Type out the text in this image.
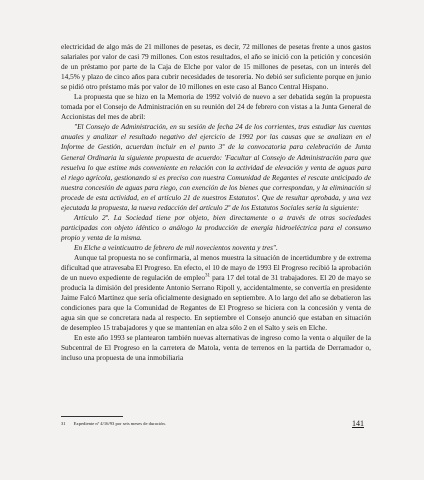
electricidad de algo más de 21 millones de pesetas, es decir, 72 millones de pesetas frente a unos gastos salariales por valor de casi 79 millones. Con estos resultados, el año se inició con la petición y concesión de un préstamo por parte de la Caja de Elche por valor de 15 millones de pesetas, con un interés del 14,5% y plazo de cinco años para cubrir necesidades de tesorería. No debió ser suficiente porque en junio se pidió otro préstamo más por valor de 10 millones en este caso al Banco Central Hispano.

La propuesta que se hizo en la Memoria de 1992 volvió de nuevo a ser debatida según la propuesta tomada por el Consejo de Administración en su reunión del 24 de febrero con vistas a la Junta General de Accionistas del mes de abril:

"El Consejo de Administración, en su sesión de fecha 24 de los corrientes, tras estudiar las cuentas anuales y analizar el resultado negativo del ejercicio de 1992 por las causas que se analizan en el Informe de Gestión, acuerdan incluir en el punto 3º de la convocatoria para celebración de Junta General Ordinaria la siguiente propuesta de acuerdo: 'Facultar al Consejo de Administración para que resuelva lo que estime más conveniente en relación con la actividad de elevación y venta de aguas para el riego agrícola, gestionando si es preciso con nuestra Comunidad de Regantes el rescate anticipado de nuestra concesión de aguas para riego, con exención de los bienes que correspondan, y la eliminación si procede de esta actividad, en el artículo 21 de nuestros Estatutos'. Que de resultar aprobada, y una vez ejecutada la propuesta, la nueva redacción del artículo 2º de los Estatutos Sociales sería la siguiente:

Artículo 2º. La Sociedad tiene por objeto, bien directamente o a través de otras sociedades participadas con objeto idéntico o análogo la producción de energía hidroeléctrica para el consumo propio y venta de la misma.

En Elche a veinticuatro de febrero de mil novecientos noventa y tres".

Aunque tal propuesta no se confirmaría, al menos muestra la situación de incertidumbre y de extrema dificultad que atravesaba El Progreso. En efecto, el 10 de mayo de 1993 El Progreso recibió la aprobación de un nuevo expediente de regulación de empleo$^{31}$ para 17 del total de 31 trabajadores. El 20 de mayo se producía la dimisión del presidente Antonio Serrano Ripoll y, accidentalmente, se convertía en presidente Jaime Falcó Martínez que sería oficialmente designado en septiembre. A lo largo del año se debatieron las condiciones para que la Comunidad de Regantes de El Progreso se hiciera con la concesión y venta de agua sin que se concretara nada al respecto. En septiembre el Consejo anunció que estaban en situación de desempleo 15 trabajadores y que se mantenían en alza sólo 2 en el Salto y seis en Elche.

En este año 1993 se plantearon también nuevas alternativas de ingreso como la venta o alquiler de la Subcentral de El Progreso en la carretera de Matola, venta de terrenos en la partida de Derramador o, incluso una propuesta de una inmobiliaria

31 Expediente nº 4/16/93 por seis meses de duración.	141
